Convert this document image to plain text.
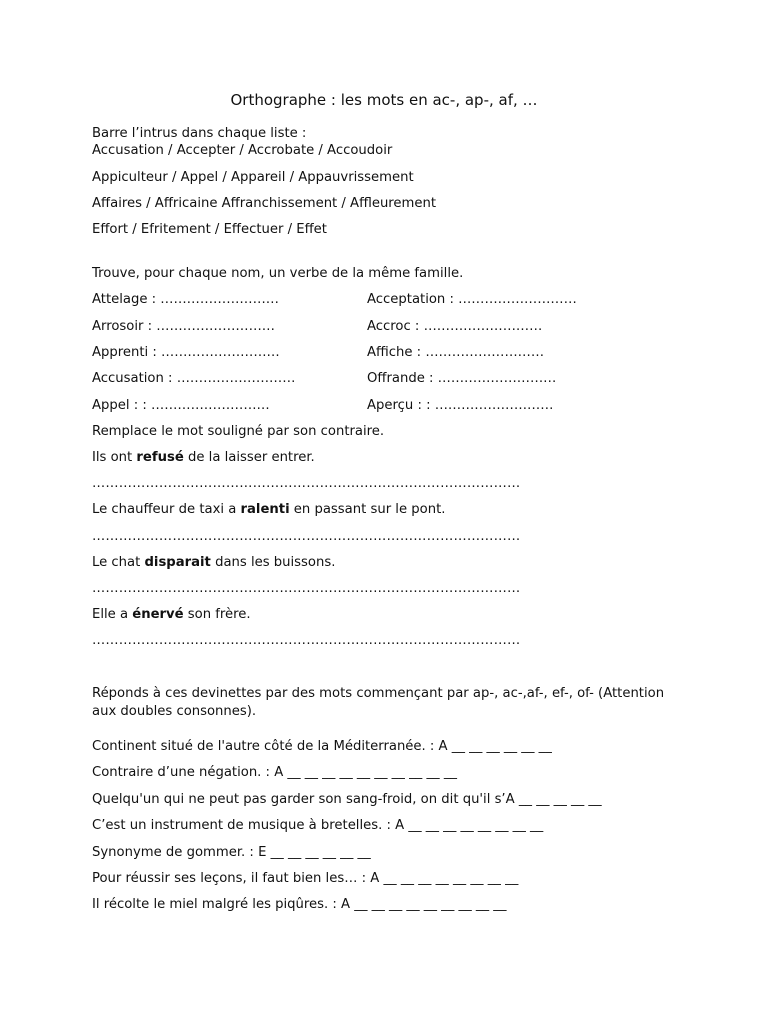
Orthographe : les mots en ac-, ap-, af, …

Barre l’intrus dans chaque liste :

Accusation / Accepter / Accrobate / Accoudoir

Appiculteur / Appel / Appareil / Appauvrissement

Affaires / Affricaine Affranchissement / Affleurement

Effort / Efritement / Effectuer / Effet

Trouve, pour chaque nom, un verbe de la même famille.

Attelage : ………………………	Acceptation : ………………………

Arrosoir : ………………………	Accroc : ………………………

Apprenti : ………………………	Affiche : ………………………

Accusation : ………………………	Offrande : ………………………

Appel : : ………………………	Aperçu : : ………………………

Remplace le mot souligné par son contraire.

Ils ont refusé de la laisser entrer.

……………………………………………………………………………………

Le chauffeur de taxi a ralenti en passant sur le pont.

……………………………………………………………………………………

Le chat disparait dans les buissons.

……………………………………………………………………………………

Elle a énervé son frère.

……………………………………………………………………………………

Réponds à ces devinettes par des mots commençant par ap-, ac-,af-, ef-, of- (Attention aux doubles consonnes).

Continent situé de l'autre côté de la Méditerranée. : A __ __ __ __ __ __

Contraire d’une négation. : A __ __ __ __ __ __ __ __ __ __

Quelqu'un qui ne peut pas garder son sang-froid, on dit qu'il s’A __ __ __ __ __

C’est un instrument de musique à bretelles. : A __ __ __ __ __ __ __ __

Synonyme de gommer. : E __ __ __ __ __ __

Pour réussir ses leçons, il faut bien les… : A __ __ __ __ __ __ __ __

Il récolte le miel malgré les piqûres. : A __ __ __ __ __ __ __ __ __
